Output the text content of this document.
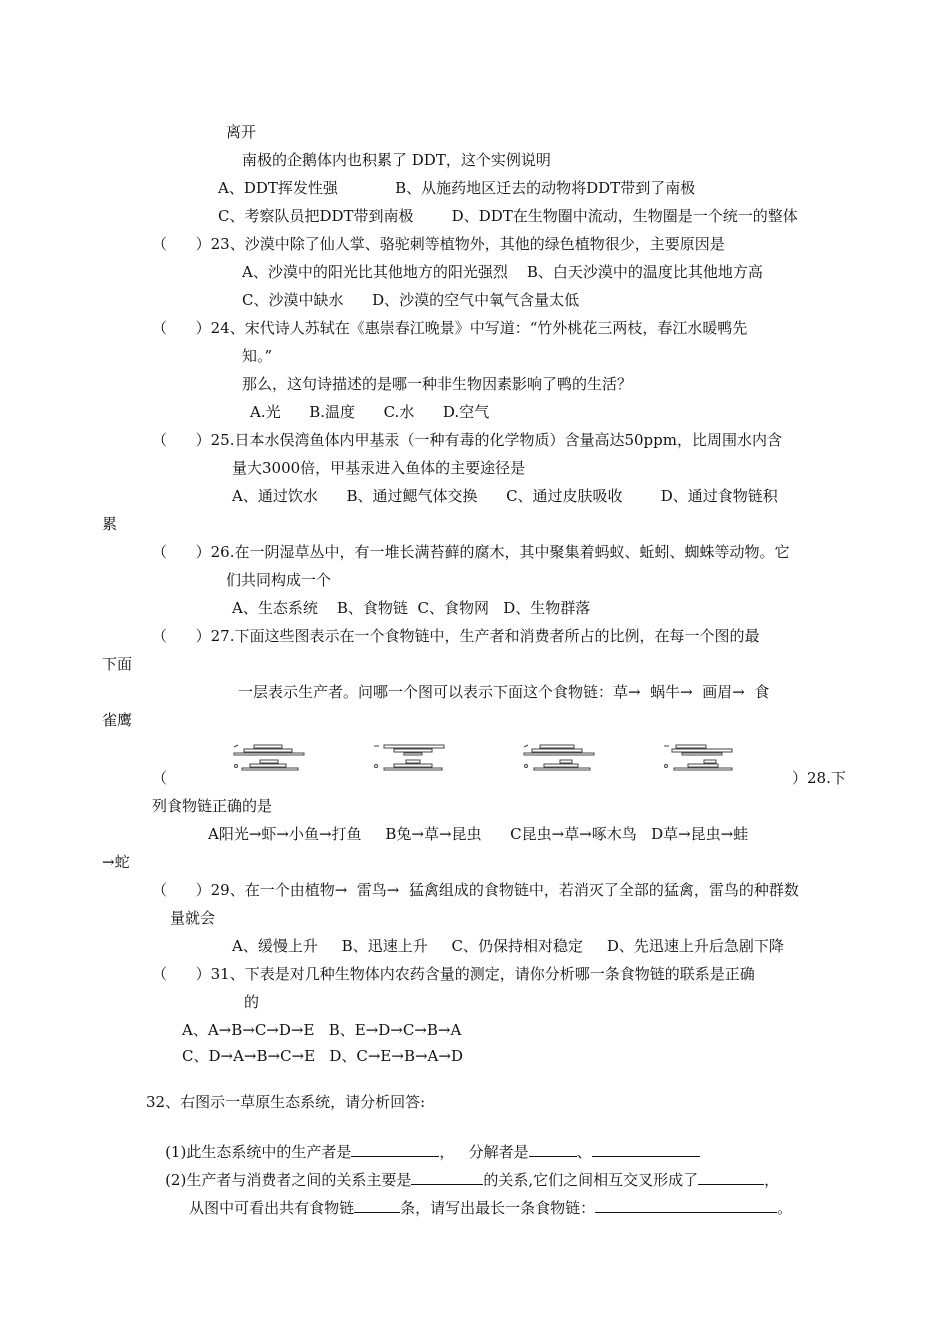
离开
南极的企鹅体内也积累了 DDT，这个实例说明
A、DDT挥发性强            B、从施药地区迁去的动物将DDT带到了南极
C、考察队员把DDT带到南极        D、DDT在生物圈中流动，生物圈是一个统一的整体
（      ）23、沙漠中除了仙人掌、骆驼刺等植物外，其他的绿色植物很少，主要原因是
A、沙漠中的阳光比其他地方的阳光强烈    B、白天沙漠中的温度比其他地方高
C、沙漠中缺水      D、沙漠的空气中氧气含量太低
（      ）24、宋代诗人苏轼在《惠崇春江晚景》中写道：“竹外桃花三两枝，春江水暖鸭先
知。”
那么，这句诗描述的是哪一种非生物因素影响了鸭的生活？
A.光      B.温度      C.水      D.空气
（      ）25.日本水俣湾鱼体内甲基汞（一种有毒的化学物质）含量高达50ppm，比周围水内含
量大3000倍，甲基汞进入鱼体的主要途径是
A、通过饮水      B、通过鳃气体交换      C、通过皮肤吸收        D、通过食物链积
累
（      ）26.在一阴湿草丛中，有一堆长满苔藓的腐木，其中聚集着蚂蚁、蚯蚓、蜘蛛等动物。它
们共同构成一个
A、生态系统    B、食物链  C、食物网   D、生物群落
（      ）27.下面这些图表示在一个食物链中，生产者和消费者所占的比例，在每一个图的最
下面
一层表示生产者。问哪一个图可以表示下面这个食物链：草→  蜗牛→  画眉→  食
雀鹰
（	）28.下
列食物链正确的是
A阳光→虾→小鱼→打鱼     B兔→草→昆虫      C昆虫→草→啄木鸟   D草→昆虫→蛙
→蛇
（      ）29、在一个由植物→  雷鸟→  猛禽组成的食物链中，若消灭了全部的猛禽，雷鸟的种群数
量就会
A、缓慢上升     B、迅速上升     C、仍保持相对稳定     D、先迅速上升后急剧下降
（      ）31、下表是对几种生物体内农药含量的测定，请你分析哪一条食物链的联系是正确
的
A、A→B→C→D→E   B、E→D→C→B→A
C、D→A→B→C→E   D、C→E→B→A→D
32、右图示一草原生态系统，请分析回答:

(1)此生态系统中的生产者是	，   分解者是	、

(2)生产者与消费者之间的关系主要是	的关系,它们之间相互交叉形成了	，

从图中可看出共有食物链	条，请写出最长一条食物链：	。
